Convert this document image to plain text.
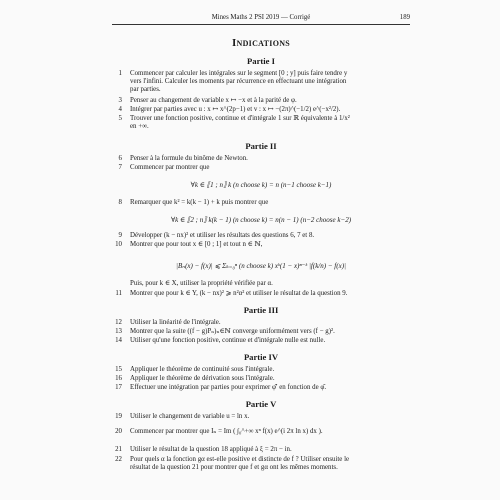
Mines Maths 2 PSI 2019 — Corrigé	189
Indications
Partie I
1 Commencer par calculer les intégrales sur le segment [0 ; y] puis faire tendre y
vers l'infini. Calculer les moments par récurrence en effectuant une intégration
par parties.
3 Penser au changement de variable x ↦ −x et à la parité de φ.
4 Intégrer par parties avec u : x ↦ x^(2p−1) et v : x ↦ −(2π)^(−1/2) e^(−x²/2).
5 Trouver une fonction positive, continue et d'intégrale 1 sur ℝ équivalente à 1/x²
en +∞.
Partie II
6 Penser à la formule du binôme de Newton.
7 Commencer par montrer que
∀k ∈ ⟦1 ; n⟧ k (n choose k) = n (n−1 choose k−1)
8 Remarquer que k² = k(k − 1) + k puis montrer que
∀k ∈ ⟦2 ; n⟧ k(k − 1) (n choose k) = n(n − 1) (n−2 choose k−2)
9 Développer (k − nx)² et utiliser les résultats des questions 6, 7 et 8.
10 Montrer que pour tout x ∈ [0 ; 1] et tout n ∈ ℕ,
|Bₙ(x) − f(x)| ⩽ Σₖ₌₀ⁿ (n choose k) xᵏ(1 − x)ⁿ⁻ᵏ |f(k/n) − f(x)|
Puis, pour k ∈ X, utiliser la propriété vérifiée par α.
11 Montrer que pour k ∈ Y, (k − nx)² ⩾ n²α² et utiliser le résultat de la question 9.
Partie III
12 Utiliser la linéarité de l'intégrale.
13 Montrer que la suite ((f − g)Pₙ)ₙ∈ℕ converge uniformément vers (f − g)².
14 Utiliser qu'une fonction positive, continue et d'intégrale nulle est nulle.
Partie IV
15 Appliquer le théorème de continuité sous l'intégrale.
16 Appliquer le théorème de dérivation sous l'intégrale.
17 Effectuer une intégration par parties pour exprimer φ̂′ en fonction de φ̂.
Partie V
19 Utiliser le changement de variable u = ln x.
20 Commencer par montrer que Iₙ = Im ( ∫₀^+∞ xⁿ f(x) e^(i 2π ln x) dx ).
21 Utiliser le résultat de la question 18 appliqué à ξ = 2π − in.
22 Pour quels α la fonction gα est-elle positive et distincte de f ? Utiliser ensuite le
résultat de la question 21 pour montrer que f et gα ont les mêmes moments.
